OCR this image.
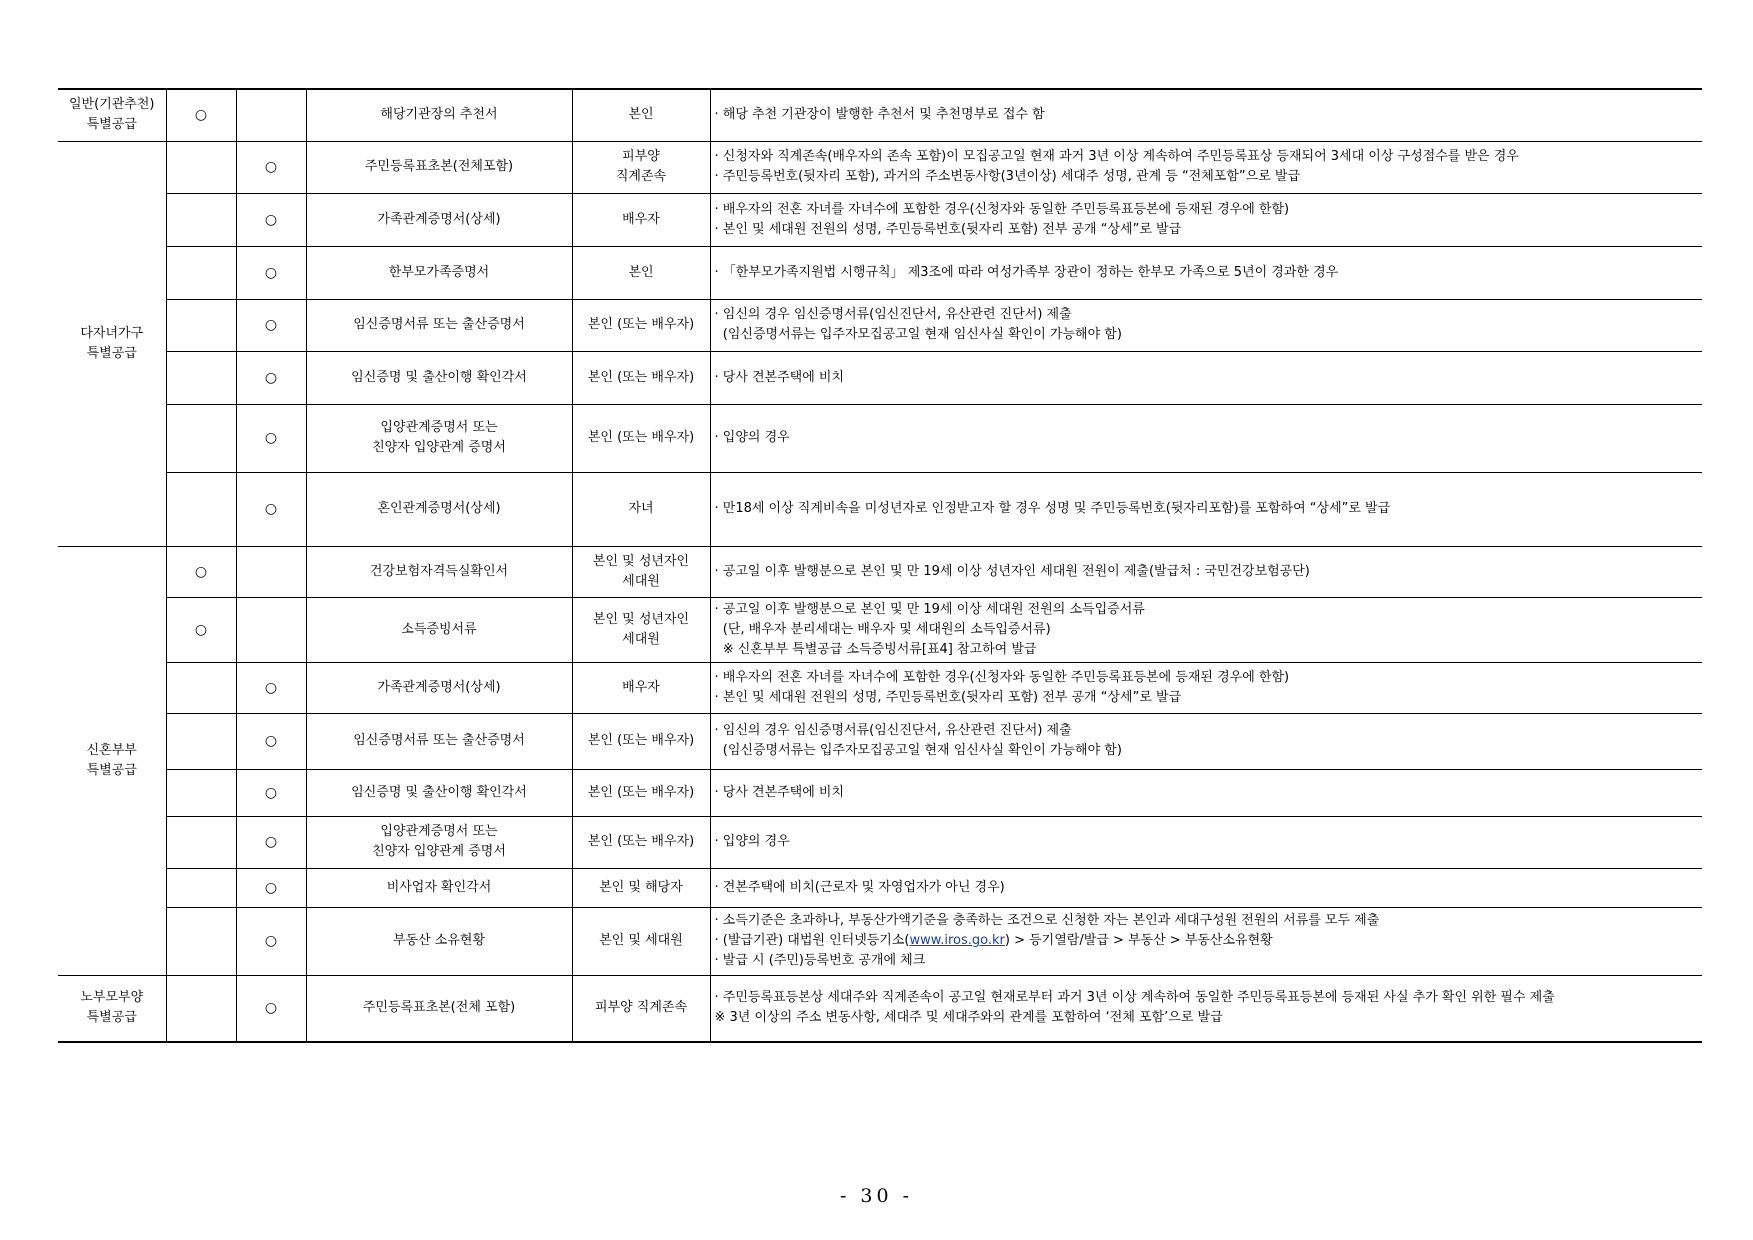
일반(기관추천)
특별공급	○		해당기관장의 추천서	본인	· 해당 추천 기관장이 발행한 추천서 및 추천명부로 접수 함

다자녀가구
특별공급		○	주민등록표초본(전체포함)	피부양
직계존속	· 신청자와 직계존속(배우자의 존속 포함)이 모집공고일 현재 과거 3년 이상 계속하여 주민등록표상 등재되어 3세대 이상 구성점수를 받은 경우
· 주민등록번호(뒷자리 포함), 과거의 주소변동사항(3년이상) 세대주 성명, 관계 등 “전체포함”으로 발급

		○	가족관계증명서(상세)	배우자	· 배우자의 전혼 자녀를 자녀수에 포함한 경우(신청자와 동일한 주민등록표등본에 등재된 경우에 한함)
· 본인 및 세대원 전원의 성명, 주민등록번호(뒷자리 포함) 전부 공개 “상세”로 발급

		○	한부모가족증명서	본인	· 「한부모가족지원법 시행규칙」 제3조에 따라 여성가족부 장관이 정하는 한부모 가족으로 5년이 경과한 경우

		○	임신증명서류 또는 출산증명서	본인 (또는 배우자)	· 임신의 경우 임신증명서류(임신진단서, 유산관련 진단서) 제출
(임신증명서류는 입주자모집공고일 현재 임신사실 확인이 가능해야 함)

		○	임신증명 및 출산이행 확인각서	본인 (또는 배우자)	· 당사 견본주택에 비치

		○	입양관계증명서 또는
친양자 입양관계 증명서	본인 (또는 배우자)	· 입양의 경우

		○	혼인관계증명서(상세)	자녀	· 만18세 이상 직계비속을 미성년자로 인정받고자 할 경우 성명 및 주민등록번호(뒷자리포함)를 포함하여 “상세”로 발급

신혼부부
특별공급	○		건강보험자격득실확인서	본인 및 성년자인
세대원	· 공고일 이후 발행분으로 본인 및 만 19세 이상 성년자인 세대원 전원이 제출(발급처 : 국민건강보험공단)

	○		소득증빙서류	본인 및 성년자인
세대원	· 공고일 이후 발행분으로 본인 및 만 19세 이상 세대원 전원의 소득입증서류
(단, 배우자 분리세대는 배우자 및 세대원의 소득입증서류)
※ 신혼부부 특별공급 소득증빙서류[표4] 참고하여 발급

		○	가족관계증명서(상세)	배우자	· 배우자의 전혼 자녀를 자녀수에 포함한 경우(신청자와 동일한 주민등록표등본에 등재된 경우에 한함)
· 본인 및 세대원 전원의 성명, 주민등록번호(뒷자리 포함) 전부 공개 “상세”로 발급

		○	임신증명서류 또는 출산증명서	본인 (또는 배우자)	· 임신의 경우 임신증명서류(임신진단서, 유산관련 진단서) 제출
(임신증명서류는 입주자모집공고일 현재 임신사실 확인이 가능해야 함)

		○	임신증명 및 출산이행 확인각서	본인 (또는 배우자)	· 당사 견본주택에 비치

		○	입양관계증명서 또는
친양자 입양관계 증명서	본인 (또는 배우자)	· 입양의 경우

		○	비사업자 확인각서	본인 및 해당자	· 견본주택에 비치(근로자 및 자영업자가 아닌 경우)

		○	부동산 소유현황	본인 및 세대원	· 소득기준은 초과하나, 부동산가액기준을 충족하는 조건으로 신청한 자는 본인과 세대구성원 전원의 서류를 모두 제출
· (발급기관) 대법원 인터넷등기소(www.iros.go.kr) > 등기열람/발급 > 부동산 > 부동산소유현황
· 발급 시 (주민)등록번호 공개에 체크

노부모부양
특별공급		○	주민등록표초본(전체 포함)	피부양 직계존속	· 주민등록표등본상 세대주와 직계존속이 공고일 현재로부터 과거 3년 이상 계속하여 동일한 주민등록표등본에 등재된 사실 추가 확인 위한 필수 제출
※ 3년 이상의 주소 변동사항, 세대주 및 세대주와의 관계를 포함하여 ‘전체 포함’으로 발급
- 30 -
